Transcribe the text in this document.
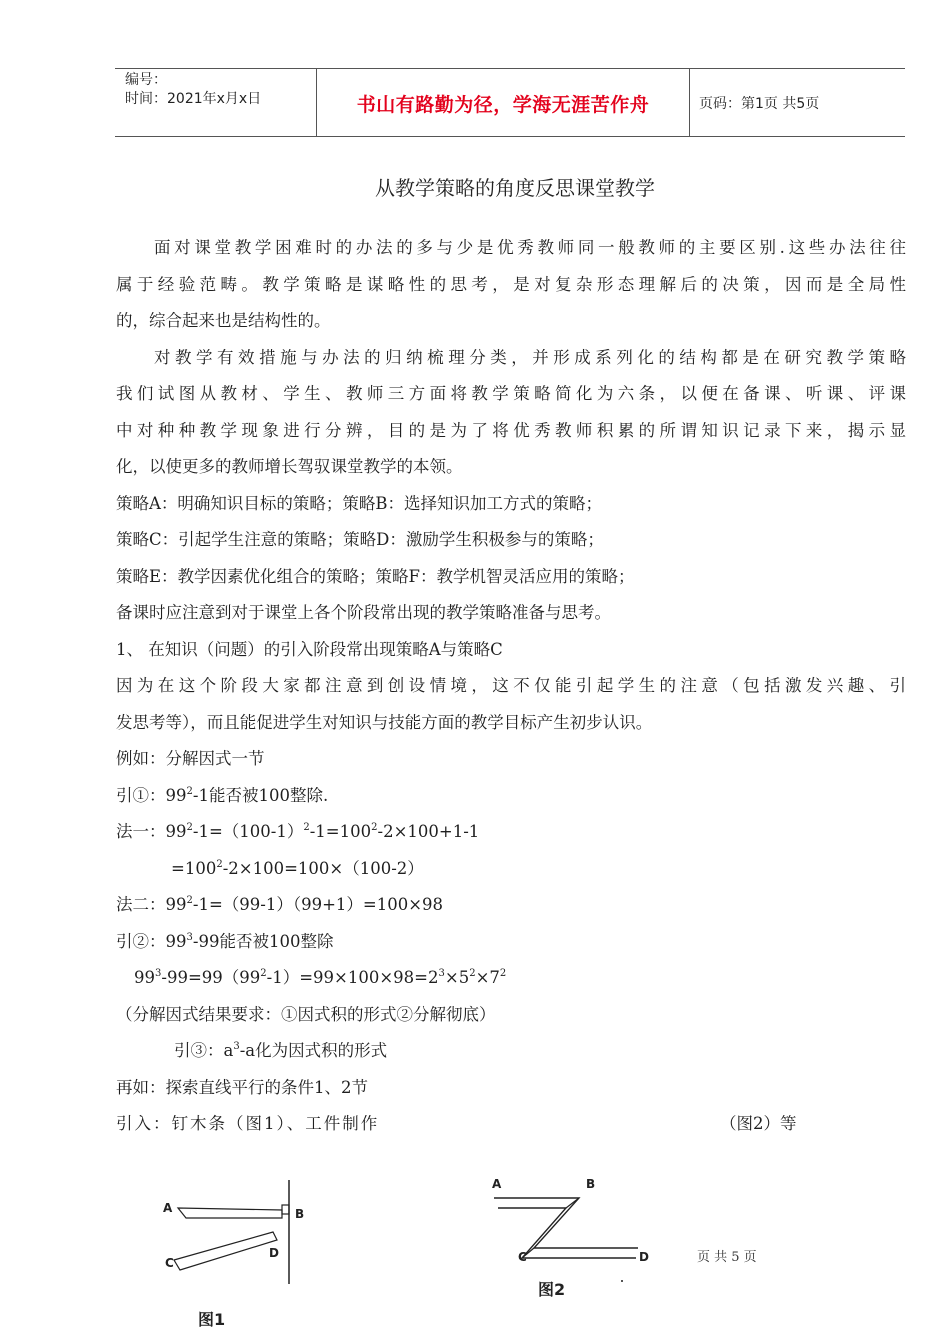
编号：
时间：2021年x月x日	书山有路勤为径，学海无涯苦作舟	页码：第1页 共5页
从教学策略的角度反思课堂教学
面对课堂教学困难时的办法的多与少是优秀教师同一般教师的主要区别.这些办法往往
属于经验范畴。教学策略是谋略性的思考，是对复杂形态理解后的决策，因而是全局性
的，综合起来也是结构性的。
对教学有效措施与办法的归纳梳理分类，并形成系列化的结构都是在研究教学策略
我们试图从教材、学生、教师三方面将教学策略简化为六条，以便在备课、听课、评课
中对种种教学现象进行分辨，目的是为了将优秀教师积累的所谓知识记录下来，揭示显
化，以使更多的教师增长驾驭课堂教学的本领。
策略A：明确知识目标的策略；策略B：选择知识加工方式的策略；
策略C：引起学生注意的策略；策略D：激励学生积极参与的策略；
策略E：教学因素优化组合的策略；策略F：教学机智灵活应用的策略；
备课时应注意到对于课堂上各个阶段常出现的教学策略准备与思考。
1、 在知识（问题）的引入阶段常出现策略A与策略C
因为在这个阶段大家都注意到创设情境，这不仅能引起学生的注意（包括激发兴趣、引
发思考等），而且能促进学生对知识与技能方面的教学目标产生初步认识。
例如：分解因式一节
引①：$99^2-1$能否被100整除.
法一：$99^2-1=(100-1)^2-1=100^2-2\times 100+1-1$
$=100^2-2\times 100=100\times(100-2)$
法二：$99^2-1=(99-1)(99+1)=100\times 98$
引②：$99^3-99$能否被100整除
$99^3-99=99(99^2-1)=99\times 100\times 98=2^3\times 5^2\times 7^2$
（分解因式结果要求：①因式积的形式②分解彻底）
引③：$a^3-a$化为因式积的形式
再如：探索直线平行的条件1、2节
引入：钉木条（图1）、工件制作	（图2）等
A	B
C
D
图1
A	B
C	D
图2
页 共 5 页
